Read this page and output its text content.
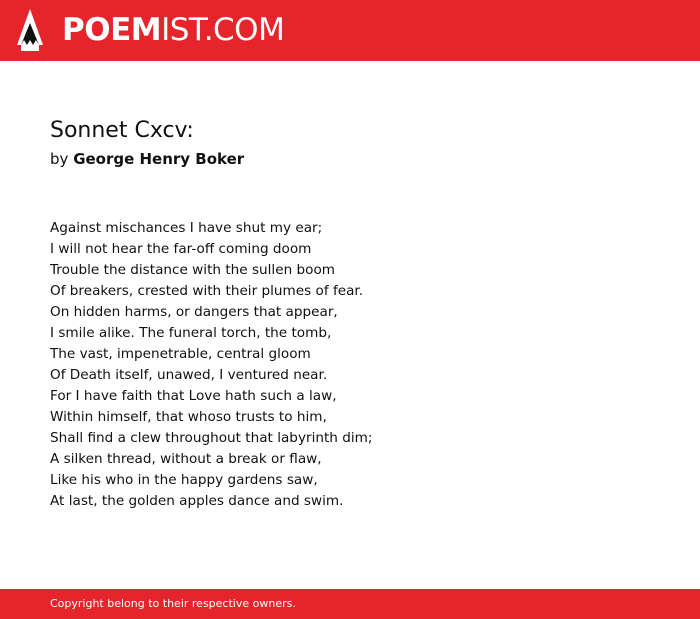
POEMIST.COM
Sonnet Cxcv:
by George Henry Boker
Against mischances I have shut my ear;
I will not hear the far-off coming doom
Trouble the distance with the sullen boom
Of breakers, crested with their plumes of fear.
On hidden harms, or dangers that appear,
I smile alike. The funeral torch, the tomb,
The vast, impenetrable, central gloom
Of Death itself, unawed, I ventured near.
For I have faith that Love hath such a law,
Within himself, that whoso trusts to him,
Shall find a clew throughout that labyrinth dim;
A silken thread, without a break or flaw,
Like his who in the happy gardens saw,
At last, the golden apples dance and swim.
Copyright belong to their respective owners.
